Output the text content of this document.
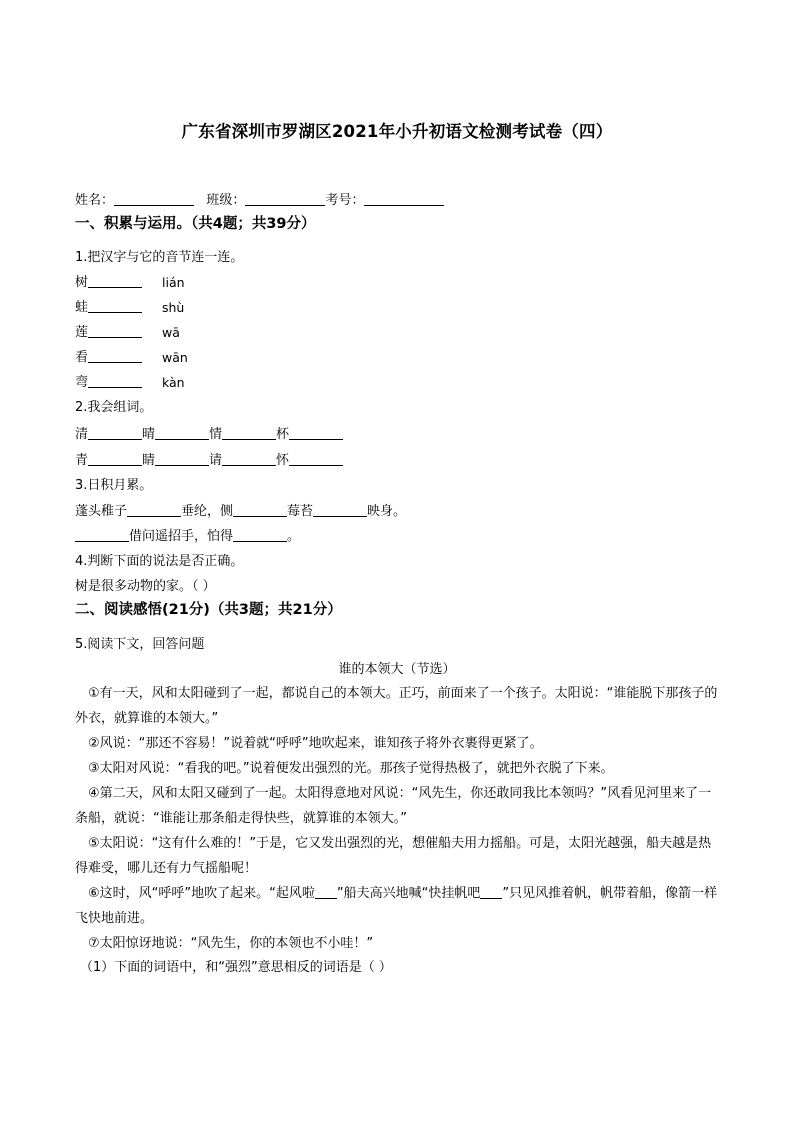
广东省深圳市罗湖区2021年小升初语文检测考试卷（四）
姓名：	班级：	考号：
一、积累与运用。（共4题；共39分）
1.把汉字与它的音节连一连。
树	lián
蛙	shù
莲	wā
看	wān
弯	kàn
2.我会组词。
清	晴	情	杯
青	睛	请	怀
3.日积月累。
蓬头稚子	垂纶，侧	莓苔	映身。
借问遥招手，怕得	。
4.判断下面的说法是否正确。
树是很多动物的家。（ ）
二、阅读感悟(21分)（共3题；共21分）
5.阅读下文，回答问题
谁的本领大（节选）
①有一天，风和太阳碰到了一起，都说自己的本领大。正巧，前面来了一个孩子。太阳说：“谁能脱下那孩子的外衣，就算谁的本领大。”
②风说：“那还不容易！”说着就“呼呼”地吹起来，谁知孩子将外衣裹得更紧了。
③太阳对风说：“看我的吧。”说着便发出强烈的光。那孩子觉得热极了，就把外衣脱了下来。
④第二天，风和太阳又碰到了一起。太阳得意地对风说：“风先生，你还敢同我比本领吗？”风看见河里来了一条船，就说：“谁能让那条船走得快些，就算谁的本领大。”
⑤太阳说：“这有什么难的！”于是，它又发出强烈的光，想催船夫用力摇船。可是，太阳光越强，船夫越是热得难受，哪儿还有力气摇船呢！
⑥这时，风“呼呼”地吹了起来。“起风啦 ”船夫高兴地喊“快挂帆吧 ”只见风推着帆，帆带着船，像箭一样飞快地前进。
⑦太阳惊讶地说：“风先生，你的本领也不小哇！”
（1）下面的词语中，和“强烈”意思相反的词语是（ ）
